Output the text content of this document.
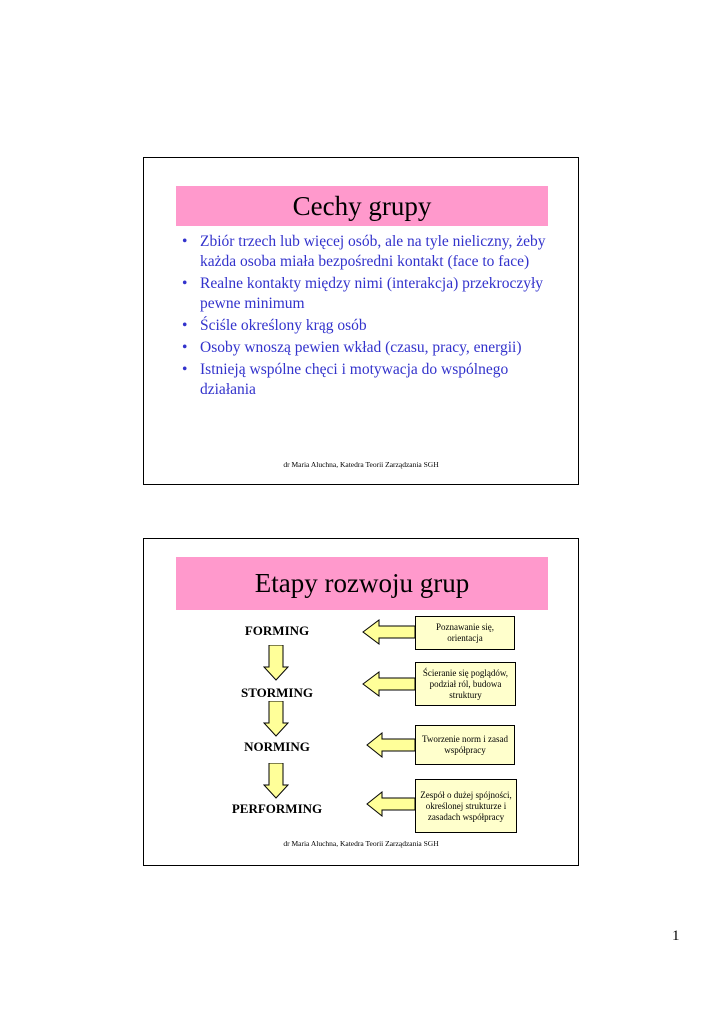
Cechy grupy
• Zbiór trzech lub więcej osób, ale na tyle nieliczny, żeby każda osoba miała bezpośredni kontakt (face to face)
• Realne kontakty między nimi (interakcja) przekroczyły pewne minimum
• Ściśle określony krąg osób
• Osoby wnoszą pewien wkład (czasu, pracy, energii)
• Istnieją wspólne chęci i motywacja do wspólnego działania
dr Maria Aluchna, Katedra Teorii Zarządzania SGH
Etapy rozwoju grup
FORMING
STORMING
NORMING
PERFORMING
Poznawanie się, orientacja
Ścieranie się poglądów, podział ról, budowa struktury
Tworzenie norm i zasad współpracy
Zespół o dużej spójności, określonej strukturze i zasadach współpracy
dr Maria Aluchna, Katedra Teorii Zarządzania SGH
1
